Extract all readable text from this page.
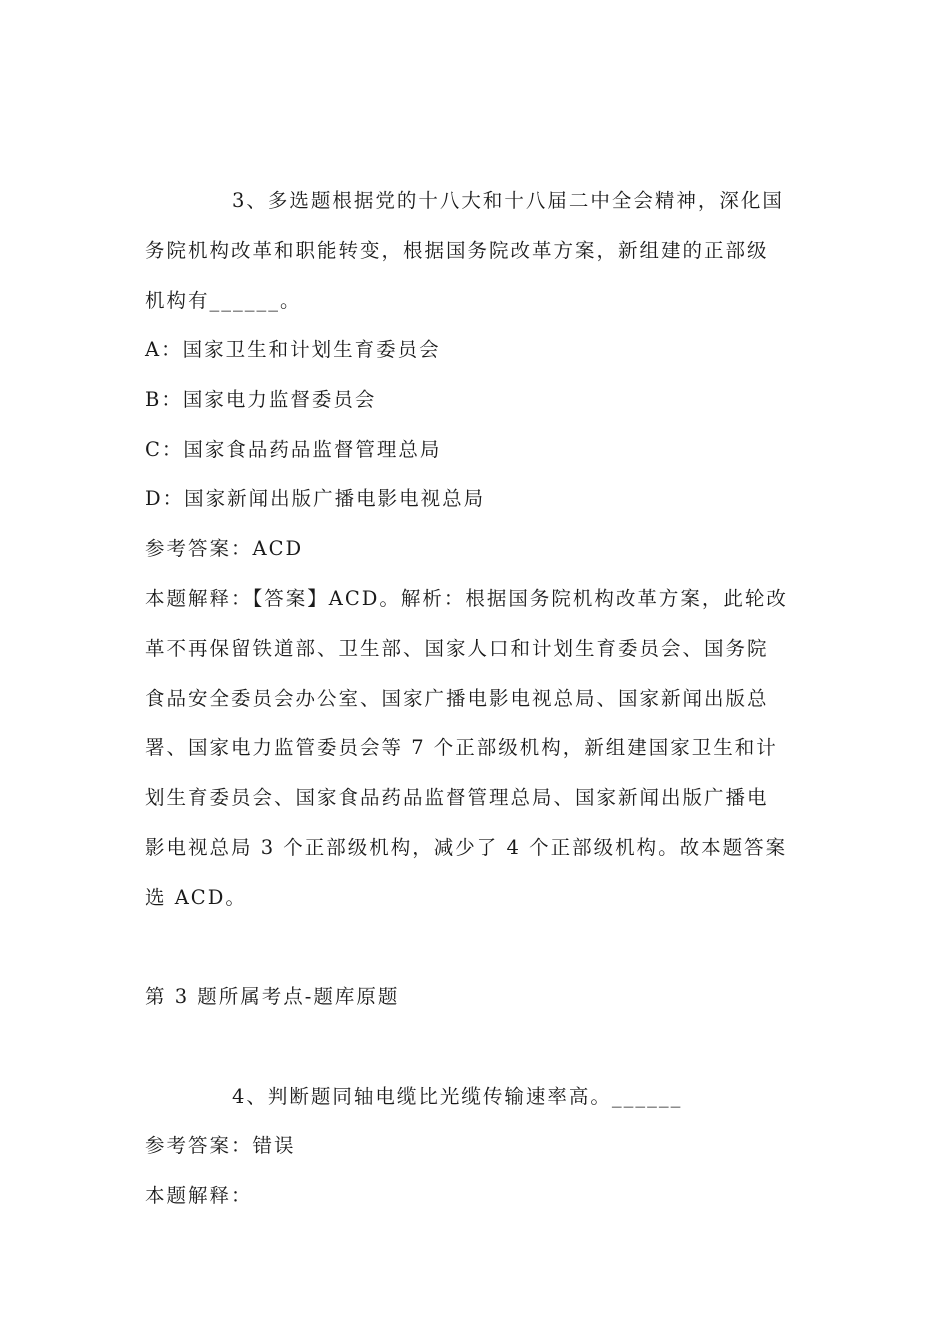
3、多选题根据党的十八大和十八届二中全会精神，深化国
务院机构改革和职能转变，根据国务院改革方案，新组建的正部级
机构有______。
A：国家卫生和计划生育委员会
B：国家电力监督委员会
C：国家食品药品监督管理总局
D：国家新闻出版广播电影电视总局
参考答案：ACD
本题解释：【答案】ACD。解析：根据国务院机构改革方案，此轮改
革不再保留铁道部、卫生部、国家人口和计划生育委员会、国务院
食品安全委员会办公室、国家广播电影电视总局、国家新闻出版总
署、国家电力监管委员会等 7 个正部级机构，新组建国家卫生和计
划生育委员会、国家食品药品监督管理总局、国家新闻出版广播电
影电视总局 3 个正部级机构，减少了 4 个正部级机构。故本题答案
选 ACD。
第 3 题所属考点-题库原题
4、判断题同轴电缆比光缆传输速率高。______
参考答案：错误
本题解释：
